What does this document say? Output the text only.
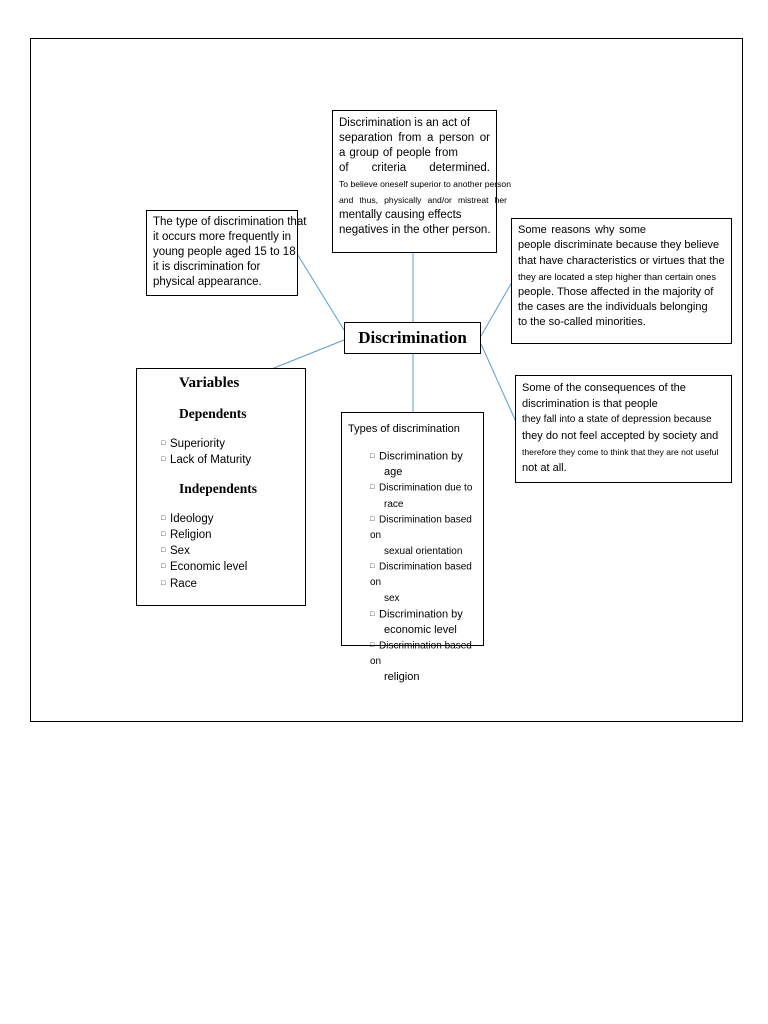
Discrimination is an act of
separation from a person or
a group of people from
of criteria determined.
To believe oneself superior to another person
and thus, physically and/or mistreat her
mentally causing effects
negatives in the other person.
The type of discrimination that
it occurs more frequently in
young people aged 15 to 18
it is discrimination for
physical appearance.
Some reasons why some
people discriminate because they believe
that have characteristics or virtues that the
they are located a step higher than certain ones
people. Those affected in the majority of
the cases are the individuals belonging
to the so-called minorities.
Discrimination
Some of the consequences of the
discrimination is that people
they fall into a state of depression because
they do not feel accepted by society and
therefore they come to think that they are not useful
not at all.
Variables
Dependents
□ Superiority
□ Lack of Maturity
Independents
□ Ideology
□ Religion
□ Sex
□ Economic level
□ Race
Types of discrimination
□ Discrimination by
age
□ Discrimination due to
race
□ Discrimination based on
sexual orientation
□ Discrimination based on
sex
□ Discrimination by
economic level
□ Discrimination based on
religion
